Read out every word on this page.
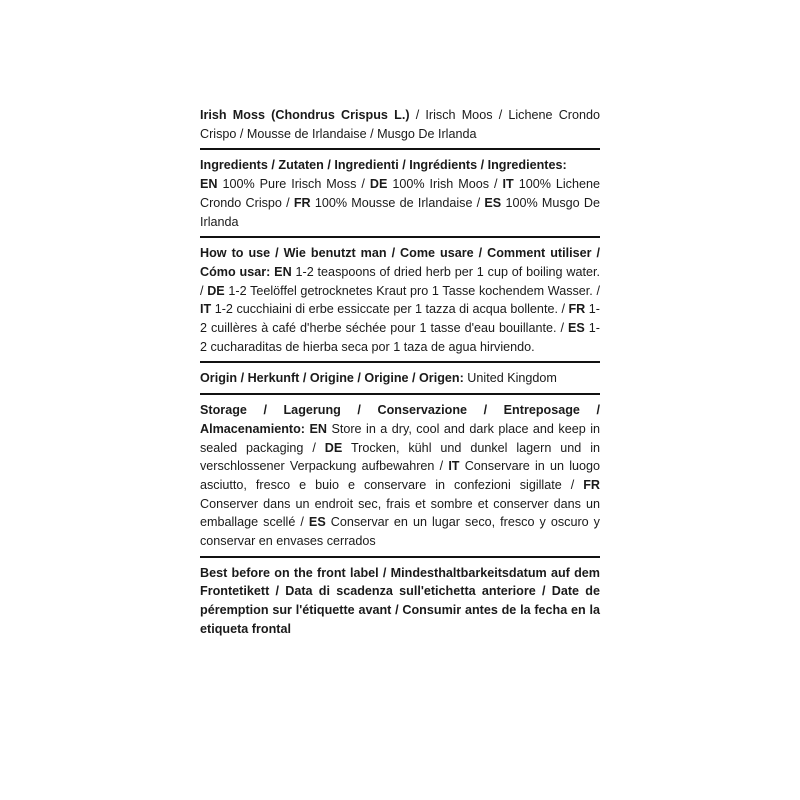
Irish Moss (Chondrus Crispus L.) / Irisch Moos / Lichene Crondo Crispo / Mousse de Irlandaise / Musgo De Irlanda

Ingredients / Zutaten / Ingredienti / Ingrédients / Ingredientes:
EN 100% Pure Irisch Moss / DE 100% Irish Moos / IT 100% Lichene Crondo Crispo / FR 100% Mousse de Irlandaise / ES 100% Musgo De Irlanda

How to use / Wie benutzt man / Come usare / Comment utiliser / Cómo usar: EN 1-2 teaspoons of dried herb per 1 cup of boiling water. / DE 1-2 Teelöffel getrocknetes Kraut pro 1 Tasse kochendem Wasser. / IT 1-2 cucchiaini di erbe essiccate per 1 tazza di acqua bollente. / FR 1-2 cuillères à café d'herbe séchée pour 1 tasse d'eau bouillante. / ES 1-2 cucharaditas de hierba seca por 1 taza de agua hirviendo.

Origin / Herkunft / Origine / Origine / Origen: United Kingdom

Storage / Lagerung / Conservazione / Entreposage / Almacenamiento: EN Store in a dry, cool and dark place and keep in sealed packaging / DE Trocken, kühl und dunkel lagern und in verschlossener Verpackung aufbewahren / IT Conservare in un luogo asciutto, fresco e buio e conservare in confezioni sigillate / FR Conserver dans un endroit sec, frais et sombre et conserver dans un emballage scellé / ES Conservar en un lugar seco, fresco y oscuro y conservar en envases cerrados

Best before on the front label / Mindesthaltbarkeitsdatum auf dem Frontetikett / Data di scadenza sull'etichetta anteriore / Date de péremption sur l'étiquette avant / Consumir antes de la fecha en la etiqueta frontal
